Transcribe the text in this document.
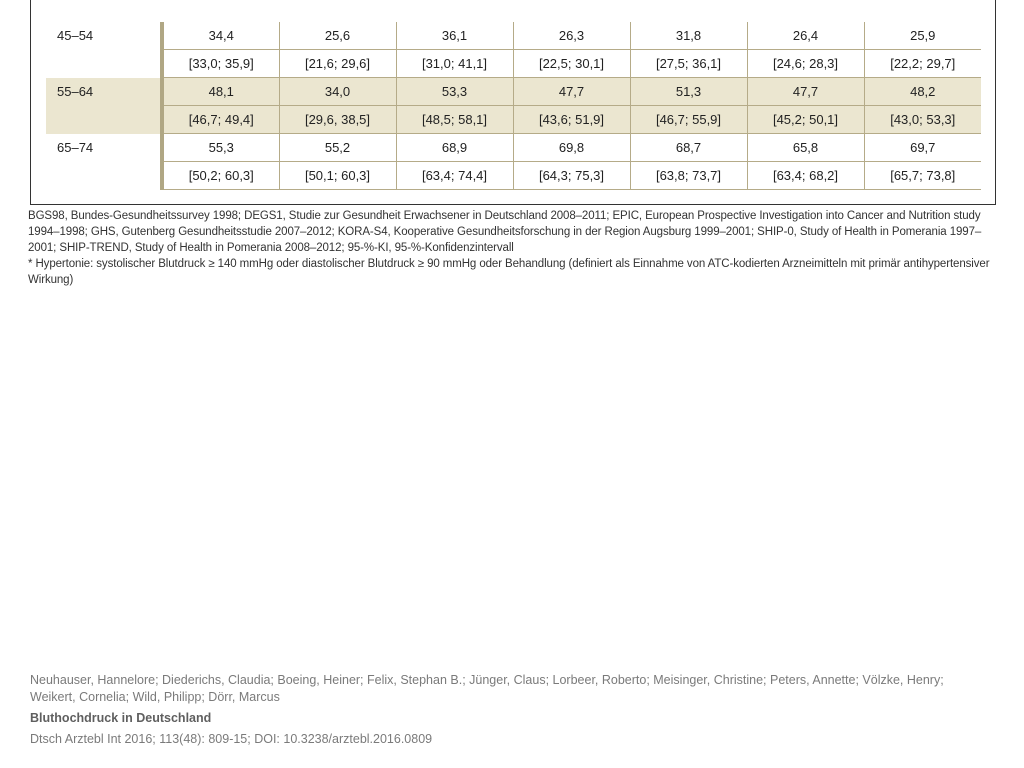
45–54	34,4	25,6	36,1	26,3	31,8	26,4	25,9
	[33,0; 35,9]	[21,6; 29,6]	[31,0; 41,1]	[22,5; 30,1]	[27,5; 36,1]	[24,6; 28,3]	[22,2; 29,7]
55–64	48,1	34,0	53,3	47,7	51,3	47,7	48,2
	[46,7; 49,4]	[29,6, 38,5]	[48,5; 58,1]	[43,6; 51,9]	[46,7; 55,9]	[45,2; 50,1]	[43,0; 53,3]
65–74	55,3	55,2	68,9	69,8	68,7	65,8	69,7
	[50,2; 60,3]	[50,1; 60,3]	[63,4; 74,4]	[64,3; 75,3]	[63,8; 73,7]	[63,4; 68,2]	[65,7; 73,8]

BGS98, Bundes-Gesundheitssurvey 1998; DEGS1, Studie zur Gesundheit Erwachsener in Deutschland 2008–2011; EPIC, European Prospective Investigation into Cancer and Nutrition study 1994–1998; GHS, Gutenberg Gesundheitsstudie 2007–2012; KORA-S4, Kooperative Gesundheitsforschung in der Region Augsburg 1999–2001; SHIP-0, Study of Health in Pomerania 1997–2001; SHIP-TREND, Study of Health in Pomerania 2008–2012; 95-%-KI, 95-%-Konfidenzintervall

* Hypertonie: systolischer Blutdruck ≥ 140 mmHg oder diastolischer Blutdruck ≥ 90 mmHg oder Behandlung (definiert als Einnahme von ATC-kodierten Arzneimitteln mit primär antihypertensiver Wirkung)

Neuhauser, Hannelore; Diederichs, Claudia; Boeing, Heiner; Felix, Stephan B.; Jünger, Claus; Lorbeer, Roberto; Meisinger, Christine; Peters, Annette; Völzke, Henry; Weikert, Cornelia; Wild, Philipp; Dörr, Marcus

Bluthochdruck in Deutschland

Dtsch Arztebl Int 2016; 113(48): 809-15; DOI: 10.3238/arztebl.2016.0809
